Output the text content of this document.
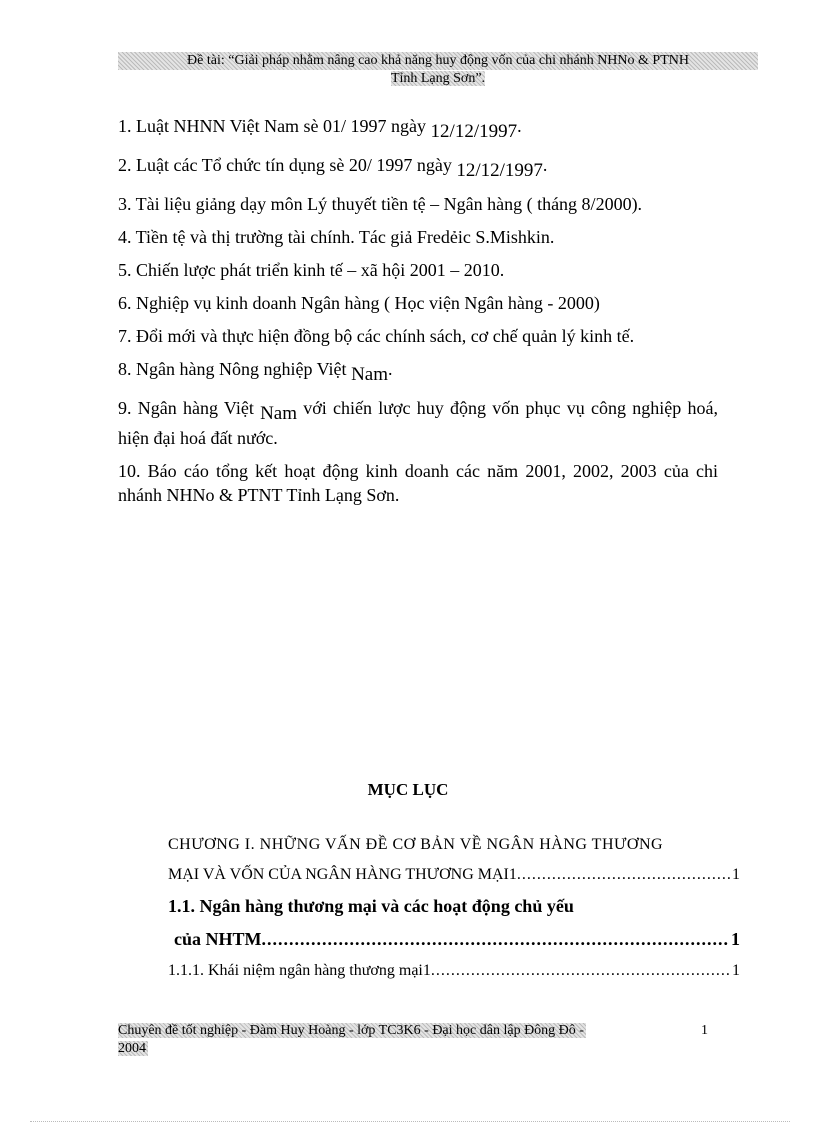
Đề tài: “Giải pháp nhằm nâng cao khả năng huy động vốn của chi nhánh NHNo & PTNH
Tỉnh Lạng Sơn”.
1. Luật NHNN Việt Nam sè 01/ 1997 ngày 12/12/1997.
2. Luật các Tổ chức tín dụng sè 20/ 1997 ngày 12/12/1997.
3. Tài liệu giảng dạy môn Lý thuyết tiền tệ – Ngân hàng ( tháng 8/2000).
4. Tiền tệ và thị trường tài chính. Tác giả Fredẻic S.Mishkin.
5. Chiến lược phát triển kinh tế – xã hội 2001 – 2010.
6. Nghiệp vụ kinh doanh Ngân hàng ( Học viện Ngân hàng - 2000)
7. Đổi mới và thực hiện đồng bộ các chính sách, cơ chế quản lý kinh tế.
8. Ngân hàng Nông nghiệp Việt Nam.
9. Ngân hàng Việt Nam với chiến lược huy động vốn phục vụ công nghiệp hoá, hiện đại hoá đất nước.
10. Báo cáo tổng kết hoạt động kinh doanh các năm 2001, 2002, 2003 của chi nhánh NHNo & PTNT Tỉnh Lạng Sơn.
MỤC LỤC
CHƯƠNG I. NHỮNG VẤN ĐỀ CƠ BẢN VỀ NGÂN HÀNG THƯƠNG
MẠI VÀ VỐN CỦA NGÂN HÀNG THƯƠNG MẠI1 .....	1
1.1. Ngân hàng thương mại và các hoạt động chủ yếu
của NHTM .....	1
1.1.1. Khái niệm ngân hàng thương mại1 .....	1
Chuyên đề tốt nghiệp - Đàm Huy Hoàng - lớp TC3K6 - Đại học dân lập Đông Đô -
2004
1
